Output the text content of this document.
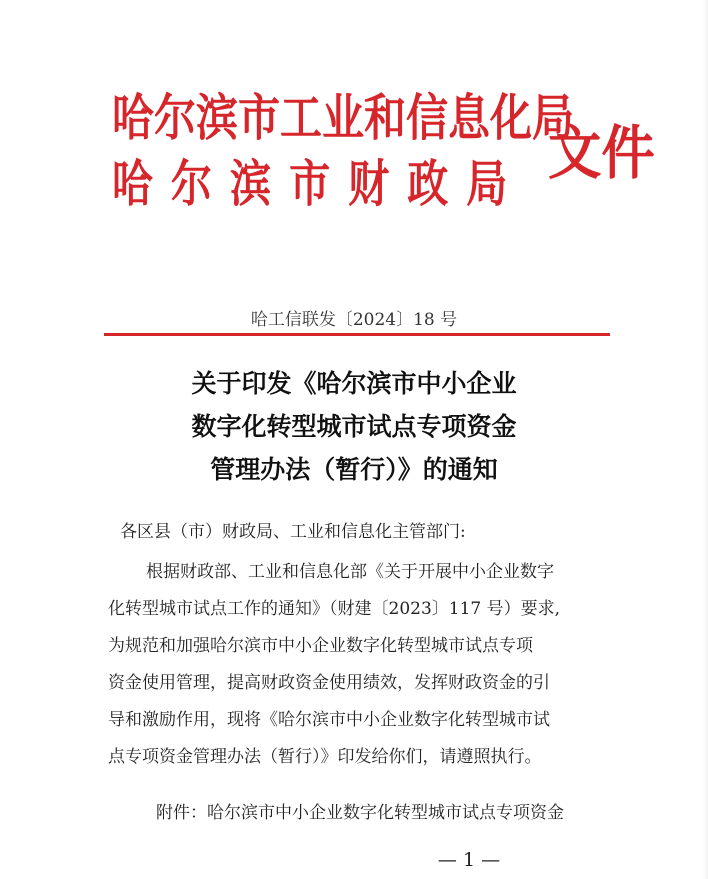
哈尔滨市工业和信息化局
哈尔滨市财政局 文件
哈工信联发〔2024〕18 号
关于印发《哈尔滨市中小企业
数字化转型城市试点专项资金
管理办法（暂行）》的通知
各区县（市）财政局、工业和信息化主管部门:
根据财政部、工业和信息化部《关于开展中小企业数字
化转型城市试点工作的通知》（财建〔2023〕117 号）要求,
为规范和加强哈尔滨市中小企业数字化转型城市试点专项
资金使用管理，提高财政资金使用绩效，发挥财政资金的引
导和激励作用，现将《哈尔滨市中小企业数字化转型城市试
点专项资金管理办法（暂行）》印发给你们，请遵照执行。
附件：哈尔滨市中小企业数字化转型城市试点专项资金
— 1 —
